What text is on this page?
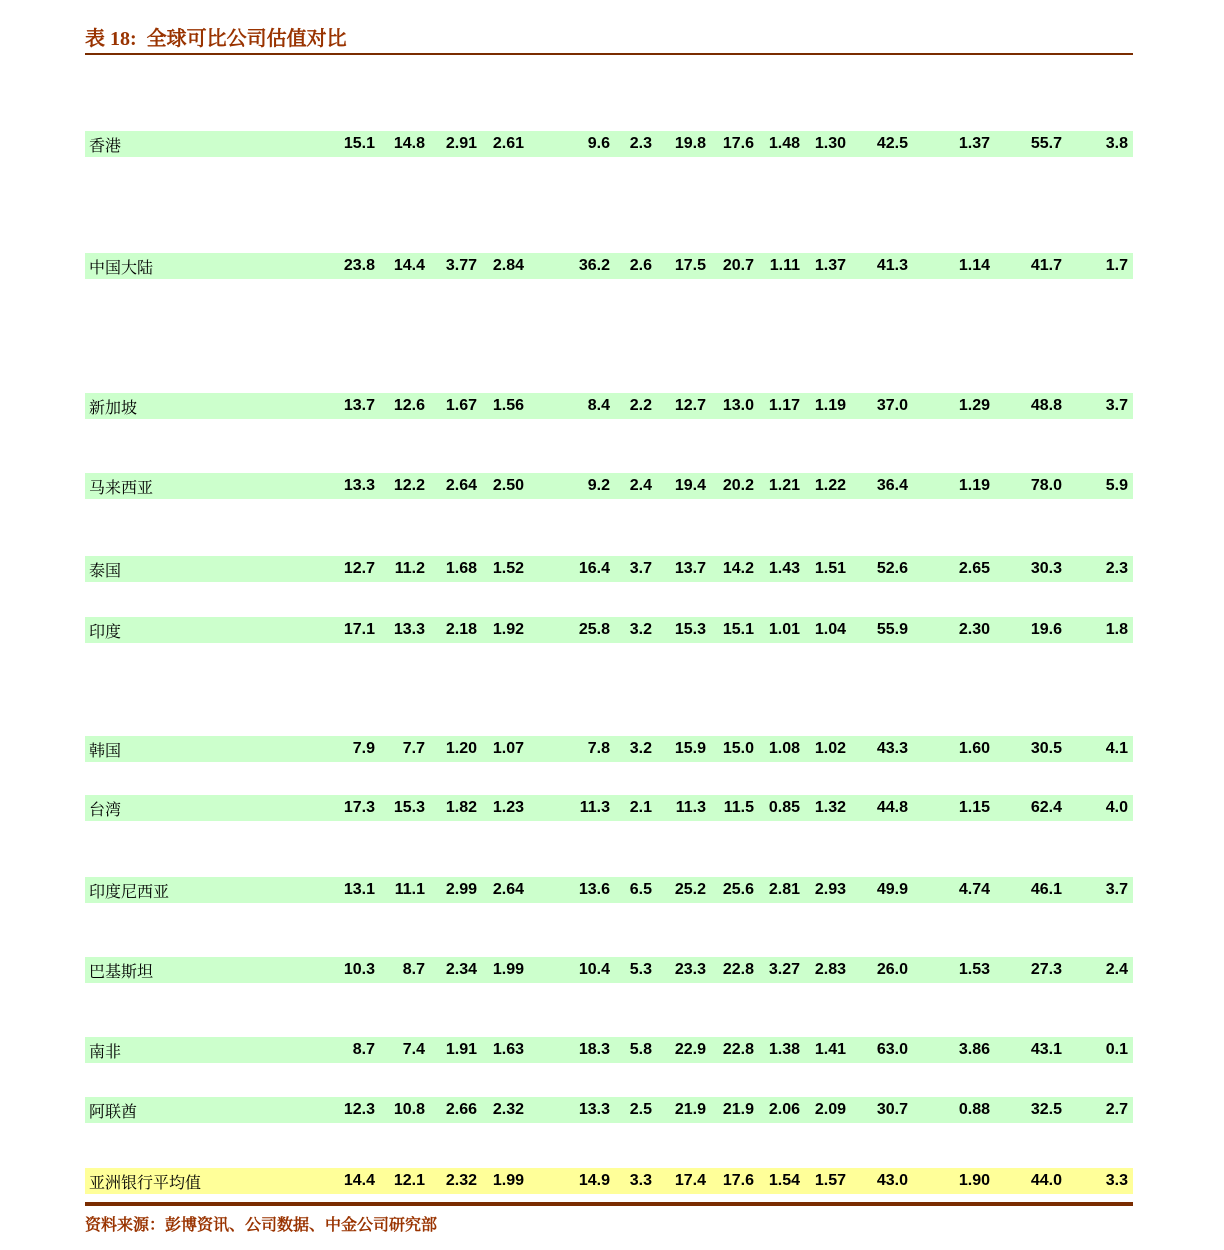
表 18:  全球可比公司估值对比
香港	15.1	14.8	2.91 2.61	9.6	2.3	19.8	17.6 1.48 1.30	42.5	1.37	55.7	3.8
中国大陆	23.8	14.4	3.77 2.84	36.2	2.6	17.5	20.7 1.11 1.37	41.3	1.14	41.7	1.7
新加坡	13.7	12.6	1.67 1.56	8.4	2.2	12.7	13.0 1.17 1.19	37.0	1.29	48.8	3.7
马来西亚	13.3	12.2	2.64 2.50	9.2	2.4	19.4	20.2 1.21 1.22	36.4	1.19	78.0	5.9
泰国	12.7	11.2	1.68 1.52	16.4	3.7	13.7	14.2 1.43 1.51	52.6	2.65	30.3	2.3
印度	17.1	13.3	2.18 1.92	25.8	3.2	15.3	15.1 1.01 1.04	55.9	2.30	19.6	1.8
韩国	7.9	7.7	1.20 1.07	7.8	3.2	15.9	15.0 1.08 1.02	43.3	1.60	30.5	4.1
台湾	17.3	15.3	1.82 1.23	11.3	2.1	11.3	11.5 0.85 1.32	44.8	1.15	62.4	4.0
印度尼西亚	13.1	11.1	2.99 2.64	13.6	6.5	25.2	25.6 2.81 2.93	49.9	4.74	46.1	3.7
巴基斯坦	10.3	8.7	2.34 1.99	10.4	5.3	23.3	22.8 3.27 2.83	26.0	1.53	27.3	2.4
南非	8.7	7.4	1.91 1.63	18.3	5.8	22.9	22.8 1.38 1.41	63.0	3.86	43.1	0.1
阿联酋	12.3	10.8	2.66 2.32	13.3	2.5	21.9	21.9 2.06 2.09	30.7	0.88	32.5	2.7
亚洲银行平均值	14.4	12.1	2.32 1.99	14.9	3.3	17.4	17.6 1.54 1.57	43.0	1.90	44.0	3.3
资料来源：彭博资讯、公司数据、中金公司研究部
